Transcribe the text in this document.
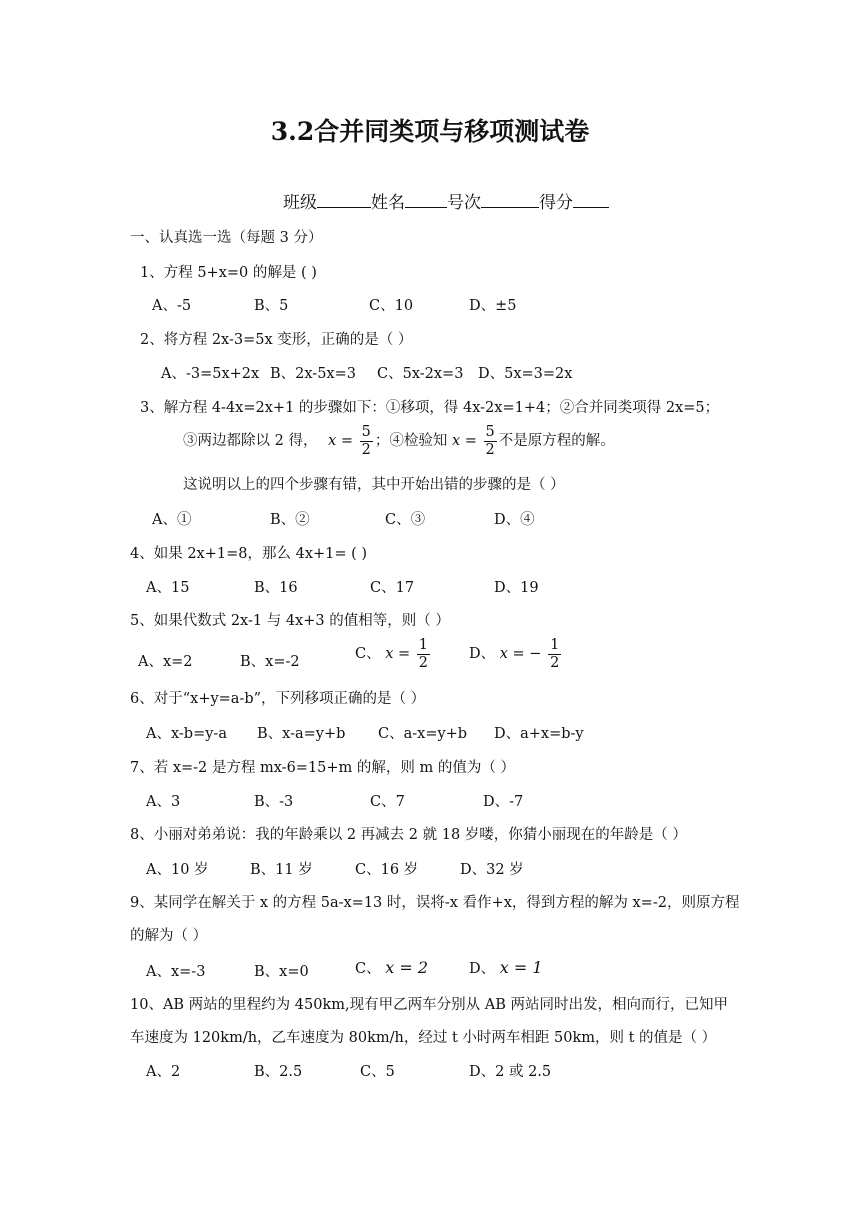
3.2合并同类项与移项测试卷
班级	姓名 号次	得分
一、认真选一选（每题 3 分）
1、方程 5+x=0 的解是 ( )
A、-5	B、5	C、10	D、±5
2、将方程 2x-3=5x 变形，正确的是（ ）
A、-3=5x+2x B、2x-5x=3 C、5x-2x=3 D、5x=3=2x
3、解方程 4-4x=2x+1 的步骤如下：①移项，得 4x-2x=1+4；②合并同类项得 2x=5；
③两边都除以 2 得， $x = \frac{5}{2}$ ；④检验知 $x = \frac{5}{2}$ 不是原方程的解。
这说明以上的四个步骤有错，其中开始出错的步骤的是（ ）
A、①	B、②	C、③	D、④
4、如果 2x+1=8，那么 4x+1= ( )
A、15	B、16	C、17	D、19
5、如果代数式 2x-1 与 4x+3 的值相等，则（ ）
A、x=2	B、x=-2	C、 $x = \frac{1}{2}$	D、 x = − $\frac{1}{2}$
6、对于“x+y=a-b”，下列移项正确的是（ ）
A、x-b=y-a B、x-a=y+b C、a-x=y+b D、a+x=b-y
7、若 x=-2 是方程 mx-6=15+m 的解，则 m 的值为（ ）
A、3	B、-3	C、7	D、-7
8、小丽对弟弟说：我的年龄乘以 2 再减去 2 就 18 岁喽，你猜小丽现在的年龄是（ ）
A、10 岁	B、11 岁	C、16 岁	D、32 岁
9、某同学在解关于 x 的方程 5a-x=13 时，误将-x 看作+x，得到方程的解为 x=-2，则原方程
的解为（ ）
A、x=-3	B、x=0	C、 x = 2	D、 x = 1
10、AB 两站的里程约为 450km,现有甲乙两车分别从 AB 两站同时出发，相向而行，已知甲
车速度为 120km/h，乙车速度为 80km/h，经过 t 小时两车相距 50km，则 t 的值是（ ）
A、2	B、2.5	C、5	D、2 或 2.5
